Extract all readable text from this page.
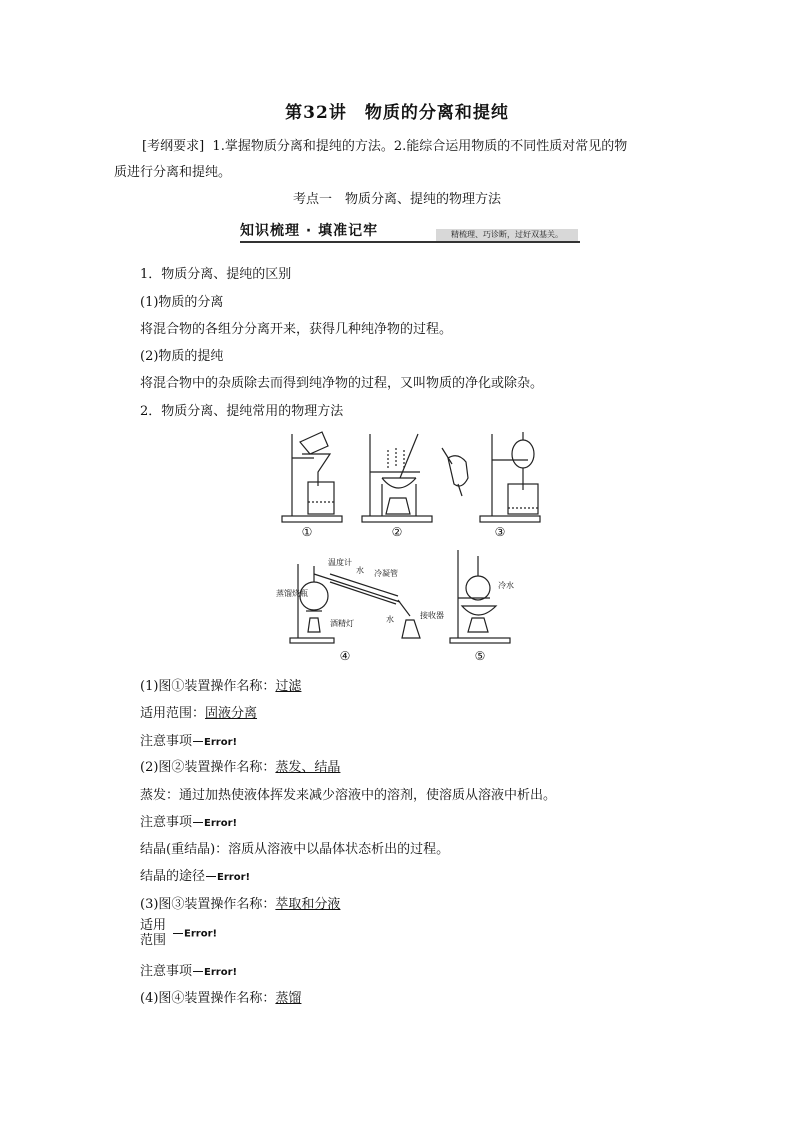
第32讲 物质的分离和提纯
[考纲要求] 1.掌握物质分离和提纯的方法。2.能综合运用物质的不同性质对常见的物
质进行分离和提纯。
考点一　物质分离、提纯的物理方法
知识梳理 · 填准记牢	精梳理、巧诊断，过好双基关。
1．物质分离、提纯的区别
(1)物质的分离
将混合物的各组分分离开来，获得几种纯净物的过程。
(2)物质的提纯
将混合物中的杂质除去而得到纯净物的过程，又叫物质的净化或除杂。
2．物质分离、提纯常用的物理方法
①	②	③
④	⑤
温度计
水 冷凝管
蒸馏烧瓶
酒精灯	水	接收器
冷水
(1)图①装置操作名称：过滤
适用范围：固液分离
注意事项 Error!
(2)图②装置操作名称：蒸发、结晶
蒸发：通过加热使液体挥发来减少溶液中的溶剂，使溶质从溶液中析出。
注意事项 Error!
结晶(重结晶)：溶质从溶液中以晶体状态析出的过程。
结晶的途径 Error!
(3)图③装置操作名称：萃取和分液
适用
范围 Error!
注意事项 Error!
(4)图④装置操作名称：蒸馏
